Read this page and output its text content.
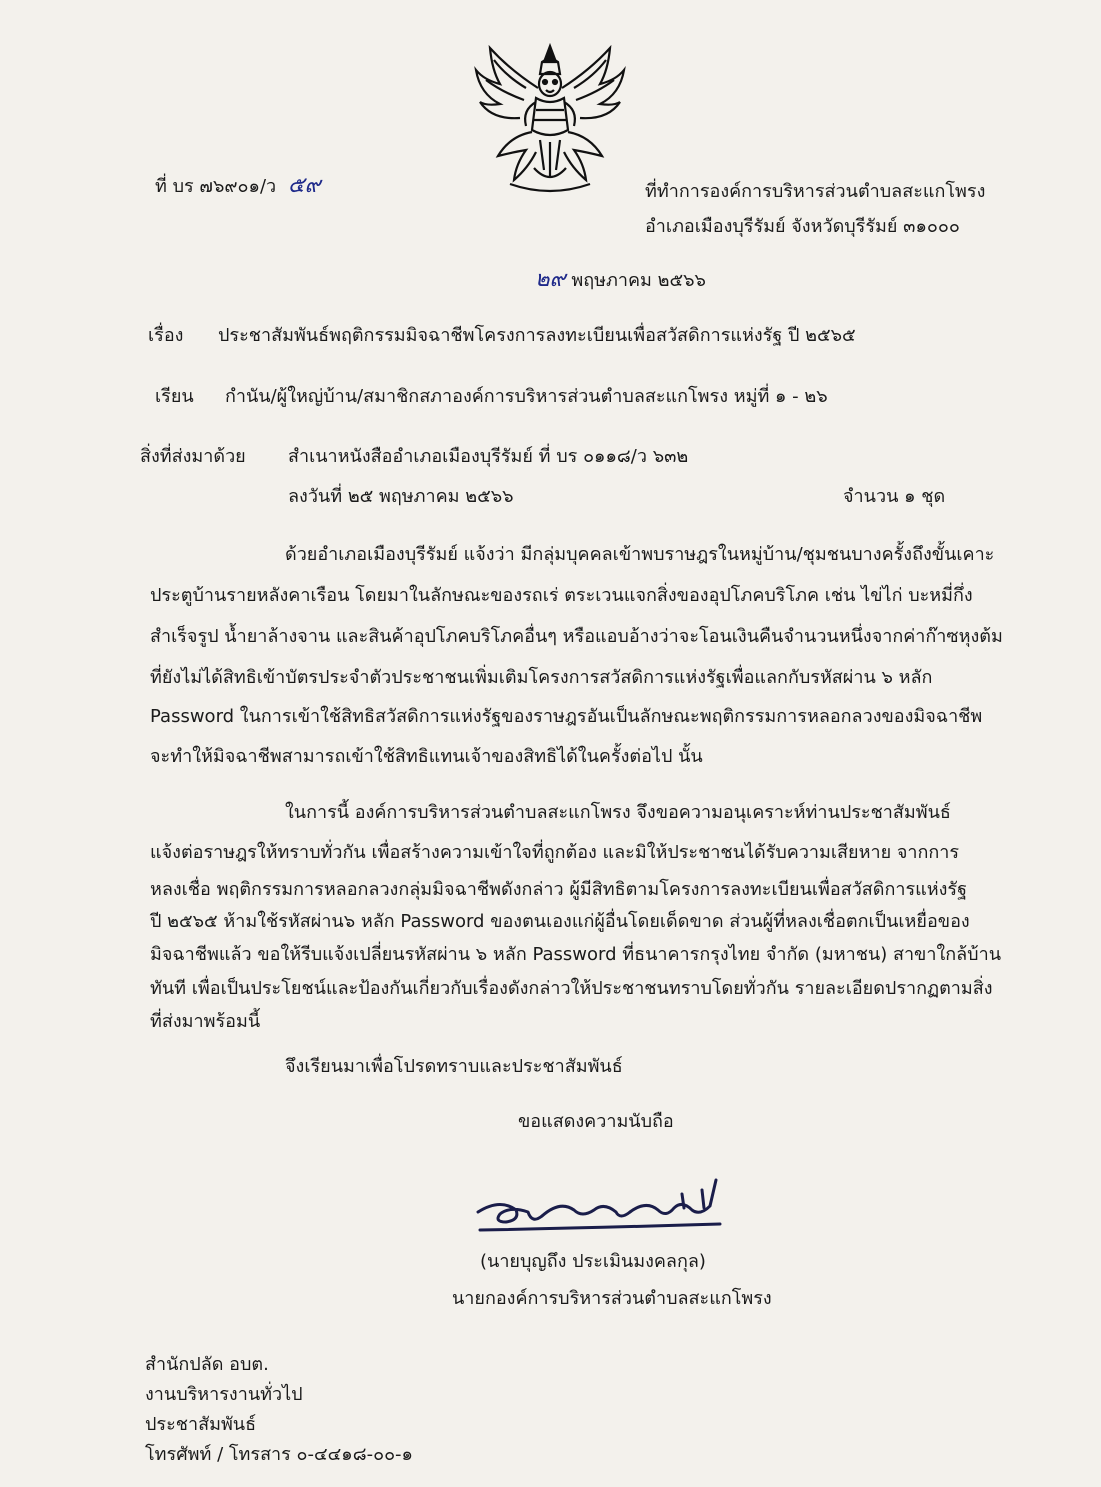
ที่ บร ๗๖๙๐๑/ว ๕๙	ที่ทำการองค์การบริหารส่วนตำบลสะแกโพรง
อำเภอเมืองบุรีรัมย์ จังหวัดบุรีรัมย์ ๓๑๐๐๐
๒๙ พฤษภาคม ๒๕๖๖
เรื่อง ประชาสัมพันธ์พฤติกรรมมิจฉาชีพโครงการลงทะเบียนเพื่อสวัสดิการแห่งรัฐ ปี ๒๕๖๕
เรียน กำนัน/ผู้ใหญ่บ้าน/สมาชิกสภาองค์การบริหารส่วนตำบลสะแกโพรง หมู่ที่ ๑ - ๒๖
สิ่งที่ส่งมาด้วย สำเนาหนังสืออำเภอเมืองบุรีรัมย์ ที่ บร ๐๑๑๘/ว ๖๓๒
ลงวันที่ ๒๕ พฤษภาคม ๒๕๖๖	จำนวน ๑ ชุด
ด้วยอำเภอเมืองบุรีรัมย์ แจ้งว่า มีกลุ่มบุคคลเข้าพบราษฎรในหมู่บ้าน/ชุมชนบางครั้งถึงขั้นเคาะ
ประตูบ้านรายหลังคาเรือน โดยมาในลักษณะของรถเร่ ตระเวนแจกสิ่งของอุปโภคบริโภค เช่น ไข่ไก่ บะหมี่กึ่ง
สำเร็จรูป น้ำยาล้างจาน และสินค้าอุปโภคบริโภคอื่นๆ หรือแอบอ้างว่าจะโอนเงินคืนจำนวนหนึ่งจากค่าก๊าซหุงต้ม
ที่ยังไม่ได้สิทธิเข้าบัตรประจำตัวประชาชนเพิ่มเติมโครงการสวัสดิการแห่งรัฐเพื่อแลกกับรหัสผ่าน ๖ หลัก
Password ในการเข้าใช้สิทธิสวัสดิการแห่งรัฐของราษฎรอันเป็นลักษณะพฤติกรรมการหลอกลวงของมิจฉาชีพ
จะทำให้มิจฉาชีพสามารถเข้าใช้สิทธิแทนเจ้าของสิทธิได้ในครั้งต่อไป นั้น
ในการนี้ องค์การบริหารส่วนตำบลสะแกโพรง จึงขอความอนุเคราะห์ท่านประชาสัมพันธ์
แจ้งต่อราษฎรให้ทราบทั่วกัน เพื่อสร้างความเข้าใจที่ถูกต้อง และมิให้ประชาชนได้รับความเสียหาย จากการ
หลงเชื่อ พฤติกรรมการหลอกลวงกลุ่มมิจฉาชีพดังกล่าว ผู้มีสิทธิตามโครงการลงทะเบียนเพื่อสวัสดิการแห่งรัฐ
ปี ๒๕๖๕ ห้ามใช้รหัสผ่าน๖ หลัก Password ของตนเองแก่ผู้อื่นโดยเด็ดขาด ส่วนผู้ที่หลงเชื่อตกเป็นเหยื่อของ
มิจฉาชีพแล้ว ขอให้รีบแจ้งเปลี่ยนรหัสผ่าน ๖ หลัก Password ที่ธนาคารกรุงไทย จำกัด (มหาชน) สาขาใกล้บ้าน
ทันที เพื่อเป็นประโยชน์และป้องกันเกี่ยวกับเรื่องดังกล่าวให้ประชาชนทราบโดยทั่วกัน รายละเอียดปรากฏตามสิ่ง
ที่ส่งมาพร้อมนี้
จึงเรียนมาเพื่อโปรดทราบและประชาสัมพันธ์
ขอแสดงความนับถือ
(นายบุญถึง ประเมินมงคลกุล)
นายกองค์การบริหารส่วนตำบลสะแกโพรง
สำนักปลัด อบต.
งานบริหารงานทั่วไป
ประชาสัมพันธ์
โทรศัพท์ / โทรสาร ๐-๔๔๑๘-๐๐-๑
